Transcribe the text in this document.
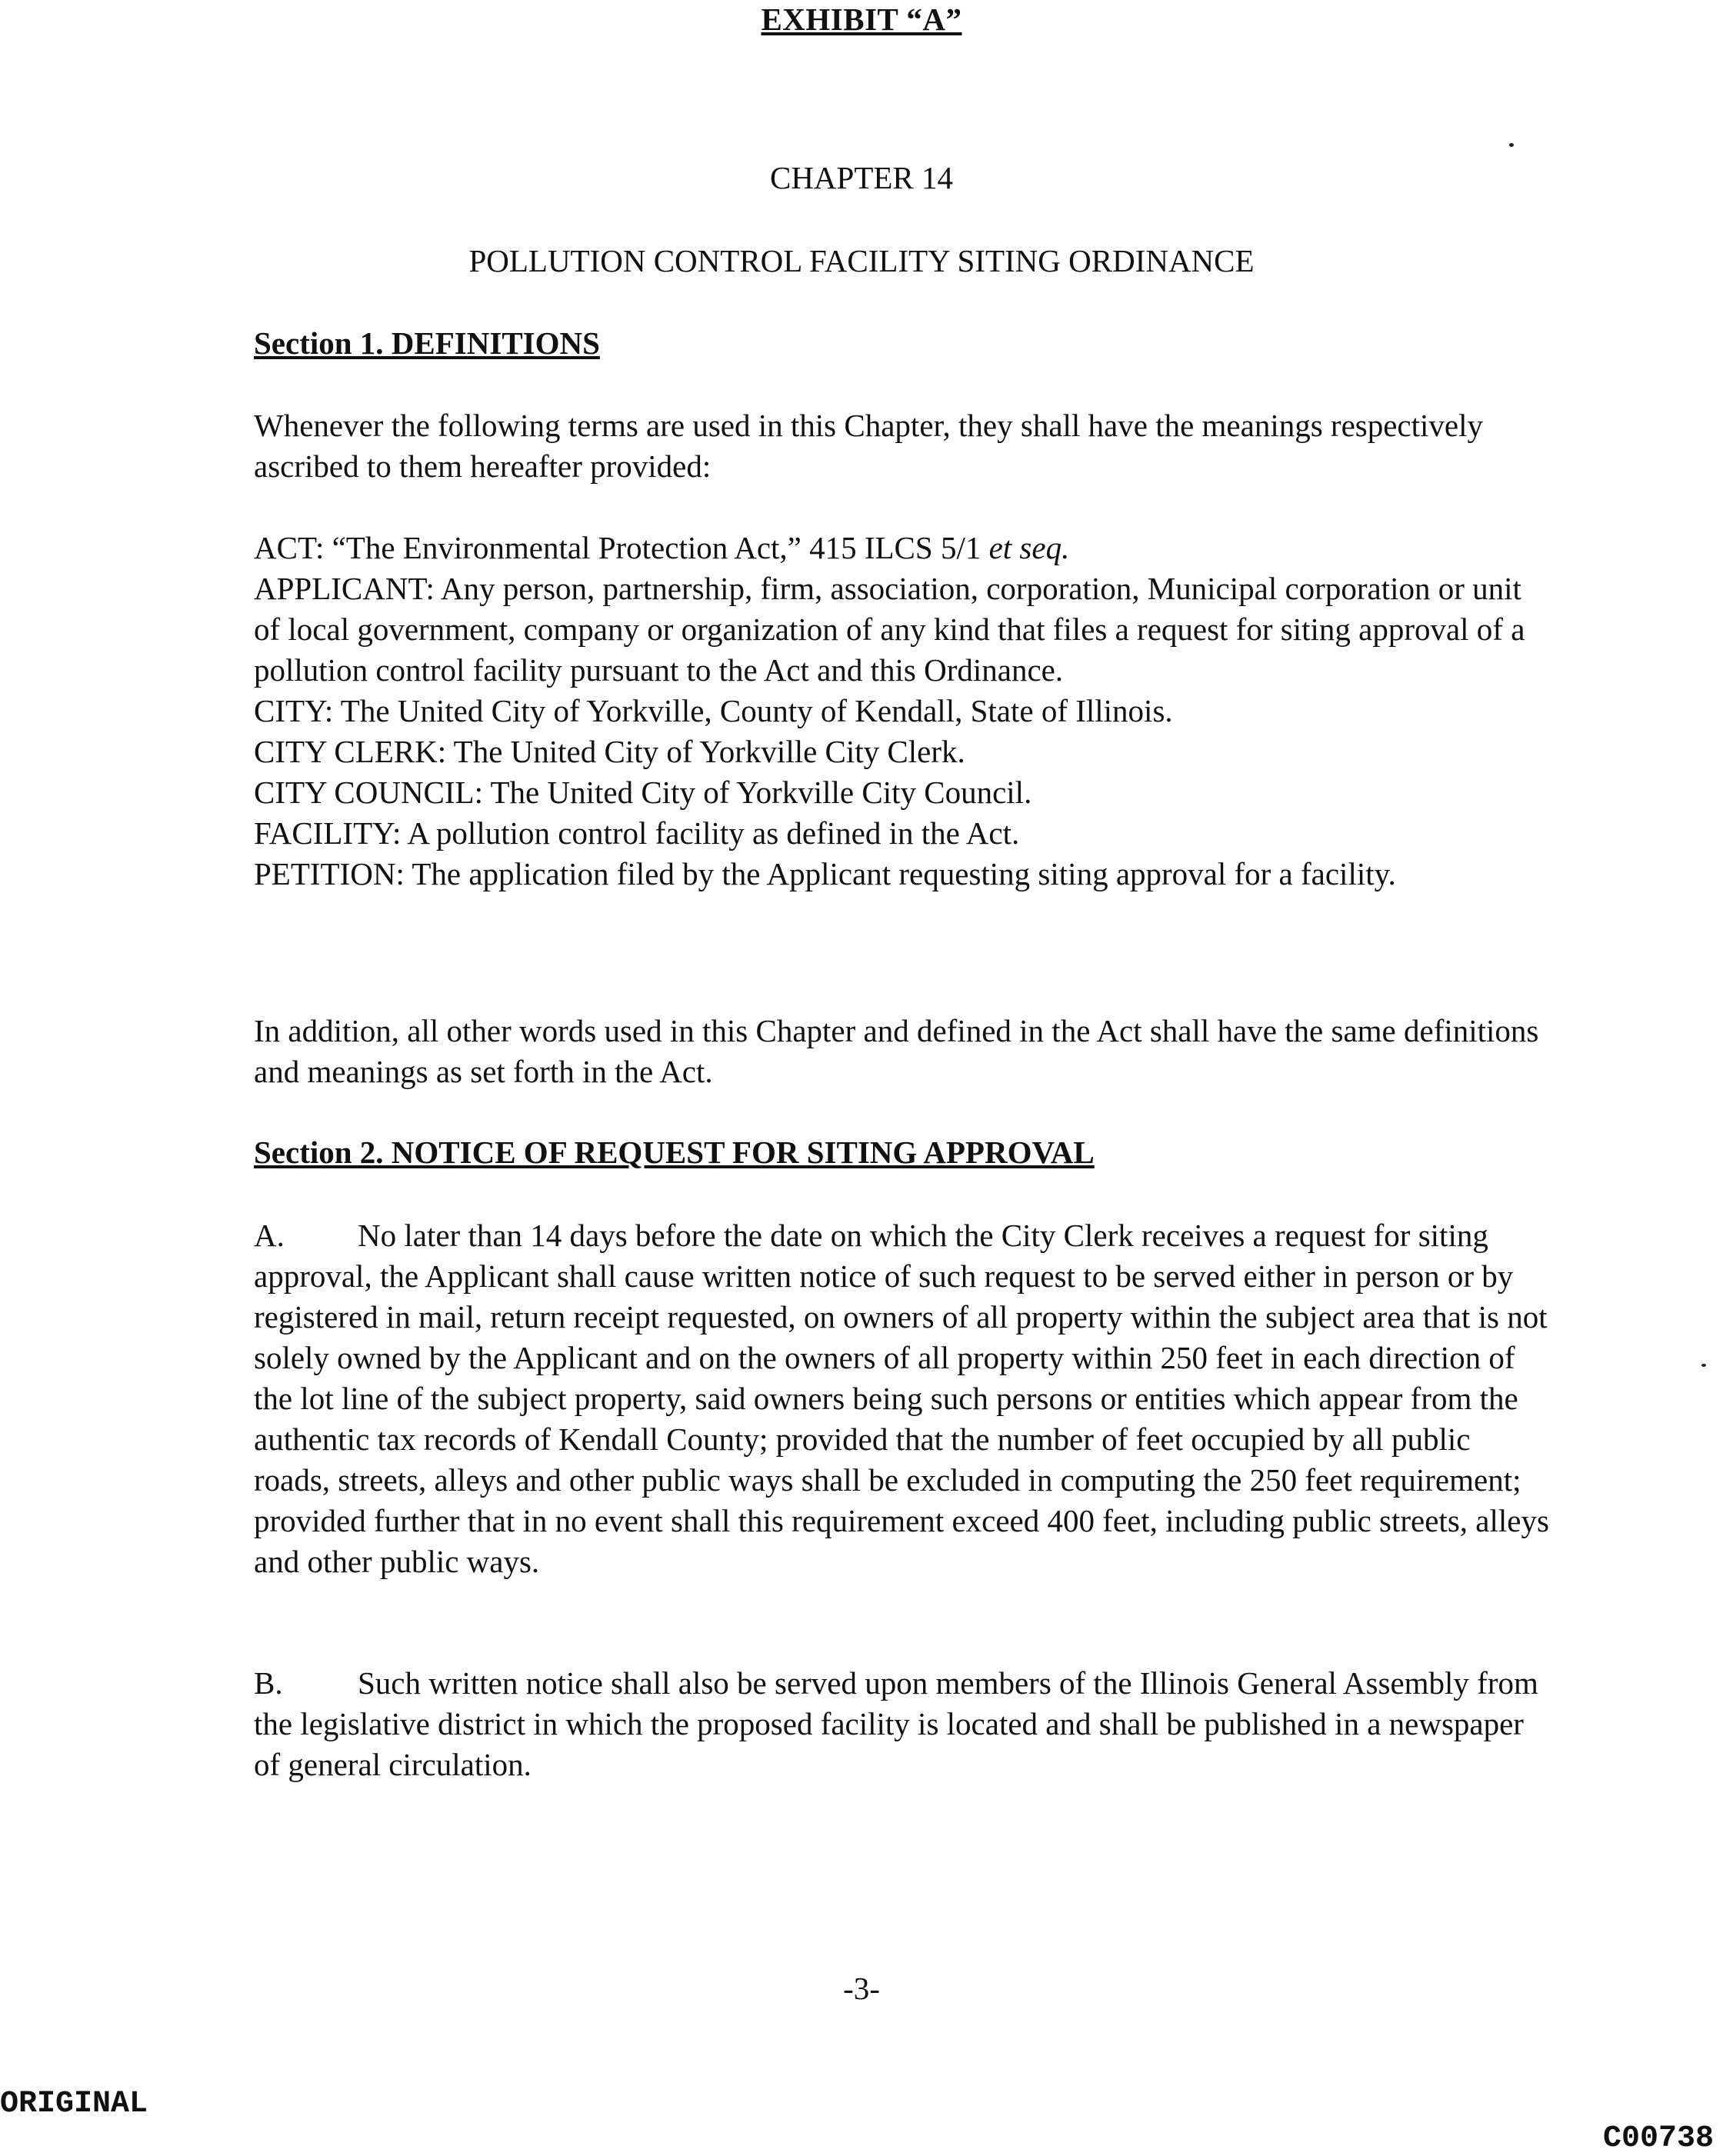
EXHIBIT “A”
CHAPTER 14
POLLUTION CONTROL FACILITY SITING ORDINANCE
Section 1. DEFINITIONS

Whenever the following terms are used in this Chapter, they shall have the meanings respectively ascribed to them hereafter provided:

ACT: “The Environmental Protection Act,” 415 ILCS 5/1 et seq.

APPLICANT: Any person, partnership, firm, association, corporation, Municipal corporation or unit of local government, company or organization of any kind that files a request for siting approval of a pollution control facility pursuant to the Act and this Ordinance.

CITY: The United City of Yorkville, County of Kendall, State of Illinois.

CITY CLERK: The United City of Yorkville City Clerk.

CITY COUNCIL: The United City of Yorkville City Council.

FACILITY: A pollution control facility as defined in the Act.

PETITION: The application filed by the Applicant requesting siting approval for a facility.

In addition, all other words used in this Chapter and defined in the Act shall have the same definitions and meanings as set forth in the Act.

Section 2. NOTICE OF REQUEST FOR SITING APPROVAL

A. No later than 14 days before the date on which the City Clerk receives a request for siting approval, the Applicant shall cause written notice of such request to be served either in person or by registered in mail, return receipt requested, on owners of all property within the subject area that is not solely owned by the Applicant and on the owners of all property within 250 feet in each direction of the lot line of the subject property, said owners being such persons or entities which appear from the authentic tax records of Kendall County; provided that the number of feet occupied by all public roads, streets, alleys and other public ways shall be excluded in computing the 250 feet requirement; provided further that in no event shall this requirement exceed 400 feet, including public streets, alleys and other public ways.

B. Such written notice shall also be served upon members of the Illinois General Assembly from the legislative district in which the proposed facility is located and shall be published in a newspaper of general circulation.

-3-
ORIGINAL
C00738
